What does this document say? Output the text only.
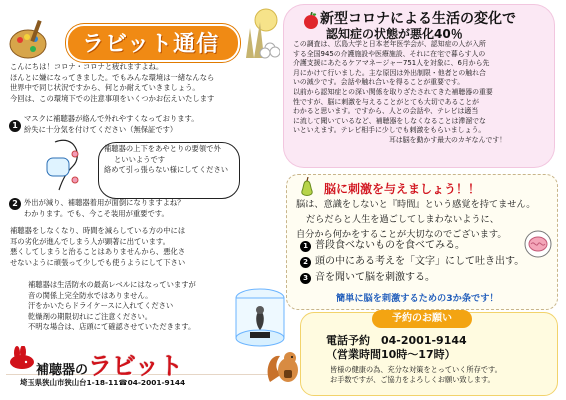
ラビット通信
こんにちは！コロナ・コロナと疲れますよね。
ほんとに嫌になってきました。でもみんな環境は一緒なんなら
世界中で同じ状況ですから、何とか耐えていきましょう。
今回は、この環境下での注意事項をいくつかお伝えいたします
1
マスクに補聴器が絡んで外れやすくなっております。
紛失に十分気を付けてください（無保証です）
補聴器の上下をあやとりの要領で外
といいようです
絡めて引っ張らない様にしてください
2 外出が減り、補聴器着用が面倒になりますよね？
わかります。でも、今こそ装用が重要です。
補聴器をしなくなり、時間を減らしている方の中には
耳の劣化が進んでしまう人が顕著に出ています。
悪くしてしまうと治ることはありませんから、悪化さ
せないように頑張って少しでも使うようにして下さい
補聴器は生活防水の最高レベルにはなっていますが
音の関係上完全防水ではありません。
汗をかいたらドライケースに入れてください
乾燥剤の期限切れにご注意ください。
不明な場合は、店頭にて確認させていただきます。
補聴器のラビット
埼玉県狭山市狭山台1-18-11☎04-2001-9144
新型コロナによる生活の変化で
認知症の状態が悪化40％
この調査は、広島大学と日本老年医学会が、認知症の人が入所
する全国945の介護施設や医療施設、それに在宅で暮らす人の
介護支援にあたるケアマネージャー751人を対象に、6月から先
月にかけて行いました。主な原因は外出制限・他者との触れ合
いの減少です。会話や触れ合いを得ることが重要です。
以前から認知症との深い関係を取りざたされてきた補聴器の重要
性ですが、脳に刺激を与えることがとても大切であることが
わかると思います。ですから、人との会話や、テレビは適当
に流して聞いているなど、補聴器をしなくなることは滞溜でな
いといえます。テレビ相手に少しでも刺激をもらいましょう。
耳は脳を動かす最大のカギなんです！
脳に刺激を与えましょう！！
脳は、意識をしないと『時間』という感覚を持てません。
だらだらと人生を過ごしてしまわないように、
自分から何かをすることが大切なのでございます。
1 普段食べないものを食べてみる。
2 頭の中にある考えを「文字」にして吐き出す。
3 音を聞いて脳を刺激する。
簡単に脳を刺激するための3か条です！
予約のお願い
電話予約　04-2001-9144
（営業時間10時～17時）
皆様の健康の為、充分な対策をとっていく所存です。
お手数ですが、ご協力をよろしくお願い致します。
